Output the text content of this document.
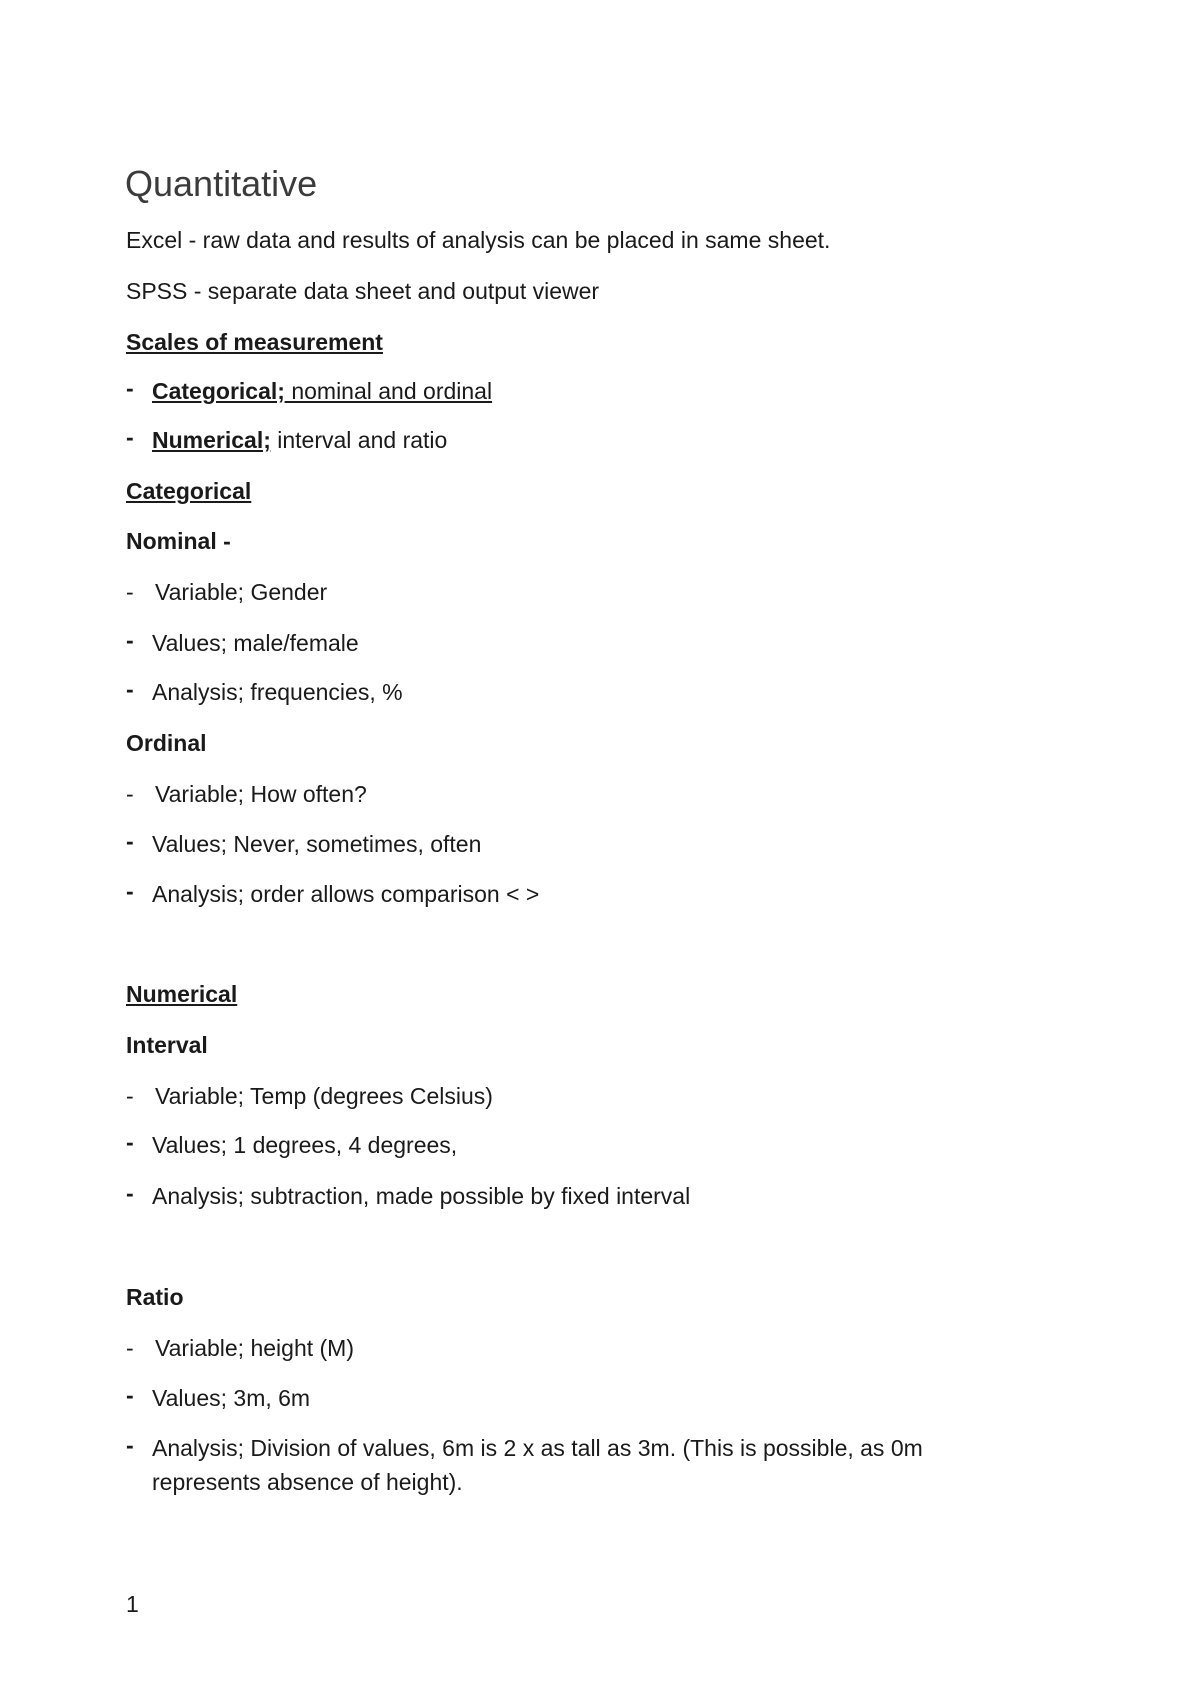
Quantitative
Excel - raw data and results of analysis can be placed in same sheet.
SPSS - separate data sheet and output viewer
Scales of measurement
- Categorical; nominal and ordinal
- Numerical; interval and ratio
Categorical
Nominal -
- Variable; Gender
- Values; male/female
- Analysis; frequencies, %
Ordinal
- Variable; How often?
- Values; Never, sometimes, often
- Analysis; order allows comparison < >
Numerical
Interval
- Variable; Temp (degrees Celsius)
- Values; 1 degrees, 4 degrees,
- Analysis; subtraction, made possible by fixed interval
Ratio
- Variable; height (M)
- Values; 3m, 6m
- Analysis; Division of values, 6m is 2 x as tall as 3m. (This is possible, as 0m
represents absence of height).
1
